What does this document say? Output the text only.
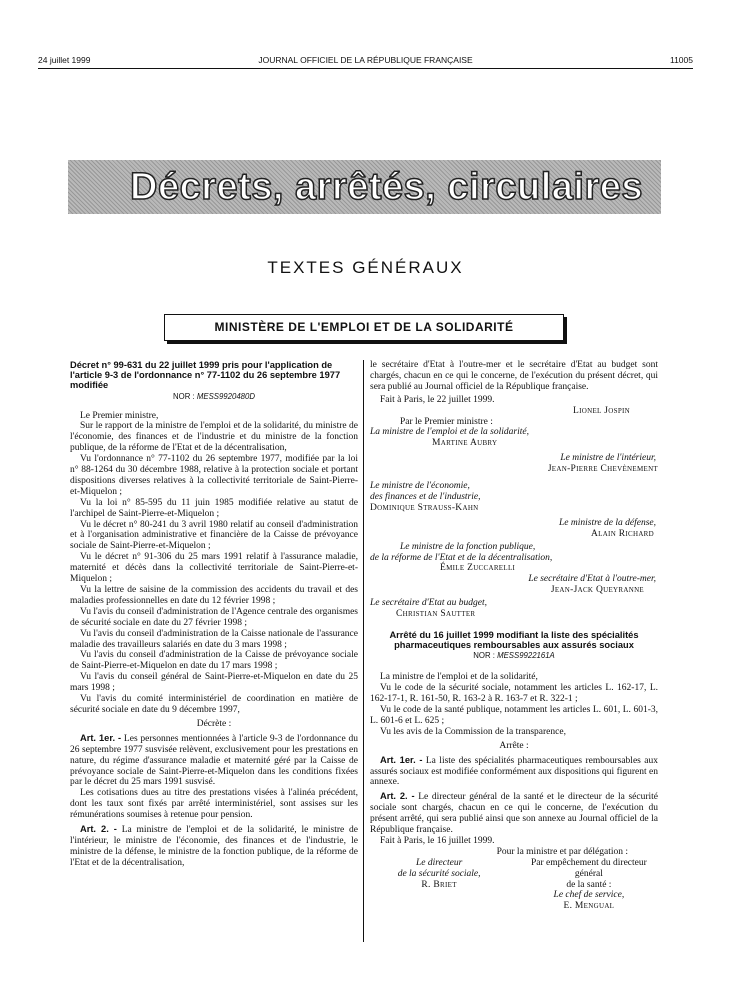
24 juillet 1999	JOURNAL OFFICIEL DE LA RÉPUBLIQUE FRANÇAISE	11005
Décrets, arrêtés, circulaires
TEXTES GÉNÉRAUX
MINISTÈRE DE L'EMPLOI ET DE LA SOLIDARITÉ
Décret n° 99-631 du 22 juillet 1999 pris pour l'application de l'article 9-3 de l'ordonnance n° 77-1102 du 26 septembre 1977 modifiée
NOR : MESS9920480D

Le Premier ministre,

Sur le rapport de la ministre de l'emploi et de la solidarité, du ministre de l'économie, des finances et de l'industrie et du ministre de la fonction publique, de la réforme de l'Etat et de la décentralisation,

Vu l'ordonnance n° 77-1102 du 26 septembre 1977, modifiée par la loi n° 88-1264 du 30 décembre 1988, relative à la protection sociale et portant dispositions diverses relatives à la collectivité territoriale de Saint-Pierre-et-Miquelon ;

Vu la loi n° 85-595 du 11 juin 1985 modifiée relative au statut de l'archipel de Saint-Pierre-et-Miquelon ;

Vu le décret n° 80-241 du 3 avril 1980 relatif au conseil d'administration et à l'organisation administrative et financière de la Caisse de prévoyance sociale de Saint-Pierre-et-Miquelon ;

Vu le décret n° 91-306 du 25 mars 1991 relatif à l'assurance maladie, maternité et décès dans la collectivité territoriale de Saint-Pierre-et-Miquelon ;

Vu la lettre de saisine de la commission des accidents du travail et des maladies professionnelles en date du 12 février 1998 ;

Vu l'avis du conseil d'administration de l'Agence centrale des organismes de sécurité sociale en date du 27 février 1998 ;

Vu l'avis du conseil d'administration de la Caisse nationale de l'assurance maladie des travailleurs salariés en date du 3 mars 1998 ;

Vu l'avis du conseil d'administration de la Caisse de prévoyance sociale de Saint-Pierre-et-Miquelon en date du 17 mars 1998 ;

Vu l'avis du conseil général de Saint-Pierre-et-Miquelon en date du 25 mars 1998 ;

Vu l'avis du comité interministériel de coordination en matière de sécurité sociale en date du 9 décembre 1997,

Décrète :

Art. 1er. - Les personnes mentionnées à l'article 9-3 de l'ordonnance du 26 septembre 1977 susvisée relèvent, exclusivement pour les prestations en nature, du régime d'assurance maladie et maternité géré par la Caisse de prévoyance sociale de Saint-Pierre-et-Miquelon dans les conditions fixées par le décret du 25 mars 1991 susvisé.

Les cotisations dues au titre des prestations visées à l'alinéa précédent, dont les taux sont fixés par arrêté interministériel, sont assises sur les rémunérations soumises à retenue pour pension.

Art. 2. - La ministre de l'emploi et de la solidarité, le ministre de l'intérieur, le ministre de l'économie, des finances et de l'industrie, le ministre de la défense, le ministre de la fonction publique, de la réforme de l'Etat et de la décentralisation,

le secrétaire d'Etat à l'outre-mer et le secrétaire d'Etat au budget sont chargés, chacun en ce qui le concerne, de l'exécution du présent décret, qui sera publié au Journal officiel de la République française.

Fait à Paris, le 22 juillet 1999.

Lionel Jospin

Par le Premier ministre :

La ministre de l'emploi et de la solidarité,

Martine Aubry

Le ministre de l'intérieur,

Jean-Pierre Chevènement

Le ministre de l'économie,

des finances et de l'industrie,

Dominique Strauss-Kahn

Le ministre de la défense,

Alain Richard

Le ministre de la fonction publique,

de la réforme de l'Etat et de la décentralisation,

Émile Zuccarelli

Le secrétaire d'Etat à l'outre-mer,

Jean-Jack Queyranne

Le secrétaire d'Etat au budget,

Christian Sautter

Arrêté du 16 juillet 1999 modifiant la liste des spécialités pharmaceutiques remboursables aux assurés sociaux
NOR : MESS9922161A

La ministre de l'emploi et de la solidarité,

Vu le code de la sécurité sociale, notamment les articles L. 162-17, L. 162-17-1, R. 161-50, R. 163-2 à R. 163-7 et R. 322-1 ;

Vu le code de la santé publique, notamment les articles L. 601, L. 601-3, L. 601-6 et L. 625 ;

Vu les avis de la Commission de la transparence,

Arrête :

Art. 1er. - La liste des spécialités pharmaceutiques remboursables aux assurés sociaux est modifiée conformément aux dispositions qui figurent en annexe.

Art. 2. - Le directeur général de la santé et le directeur de la sécurité sociale sont chargés, chacun en ce qui le concerne, de l'exécution du présent arrêté, qui sera publié ainsi que son annexe au Journal officiel de la République française.

Fait à Paris, le 16 juillet 1999.

Pour la ministre et par délégation :

Le directeur

de la sécurité sociale,

R. Briet

Par empêchement du directeur général

de la santé :

Le chef de service,

E. Mengual
